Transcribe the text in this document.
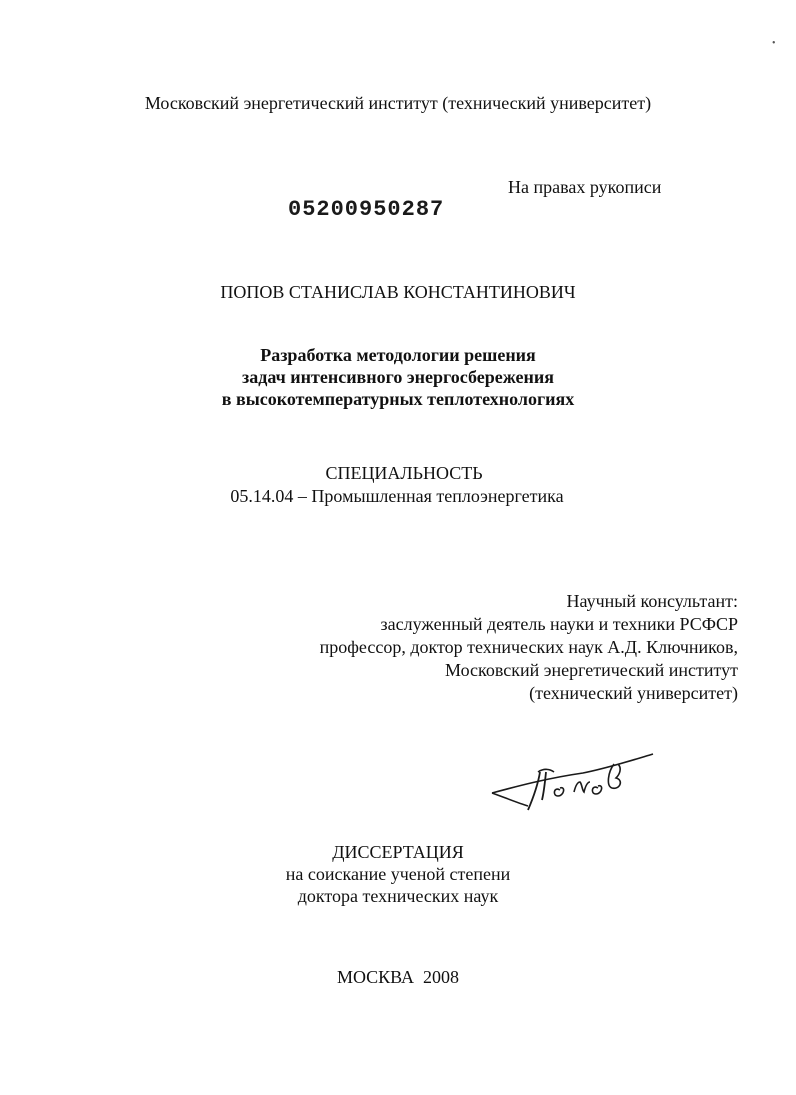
•
Московский энергетический институт (технический университет)
На правах рукописи
05200950287
ПОПОВ СТАНИСЛАВ КОНСТАНТИНОВИЧ
Разработка методологии решения
задач интенсивного энергосбережения
в высокотемпературных теплотехнологиях
СПЕЦИАЛЬНОСТЬ
05.14.04 – Промышленная теплоэнергетика
Научный консультант:
заслуженный деятель науки и техники РСФСР
профессор, доктор технических наук А.Д. Ключников,
Московский энергетический институт
(технический университет)
ДИССЕРТАЦИЯ
на соискание ученой степени
доктора технических наук
МОСКВА  2008
